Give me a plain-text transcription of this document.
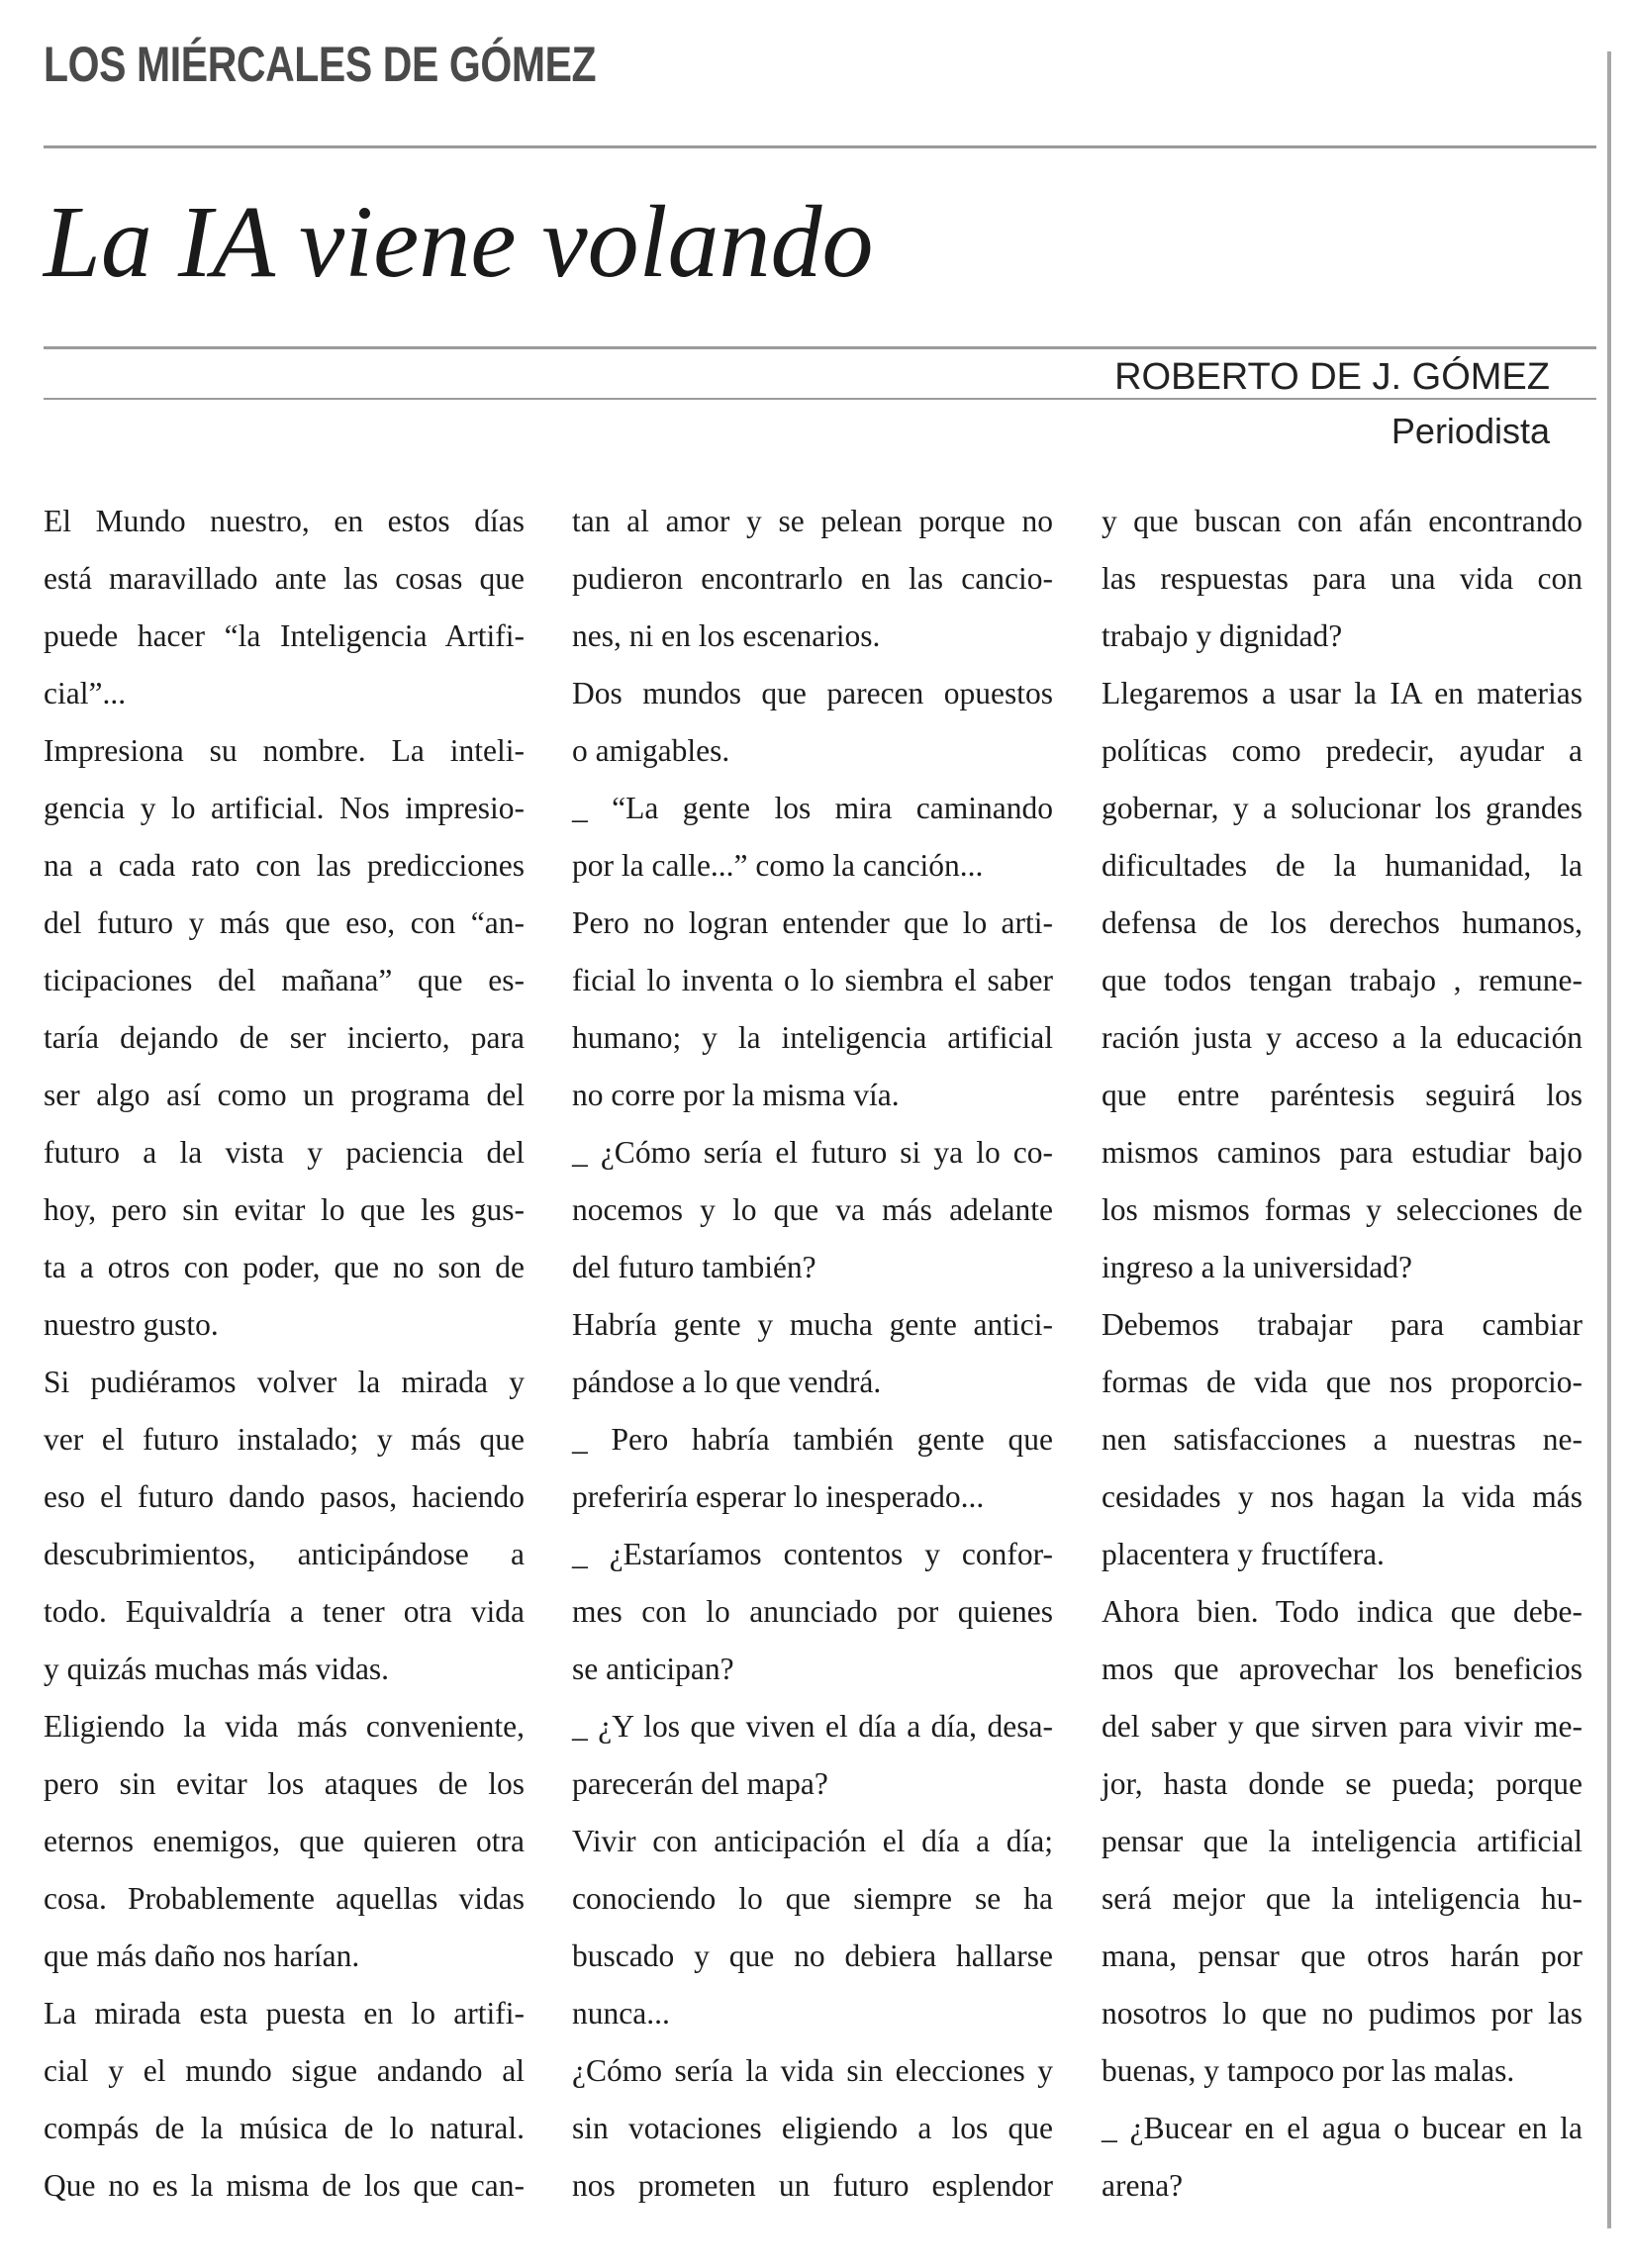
LOS MIÉRCALES DE GÓMEZ
La IA viene volando
ROBERTO DE J. GÓMEZ
Periodista
El Mundo nuestro, en estos días
está maravillado ante las cosas que
puede hacer “la Inteligencia Artifi-
cial”...
Impresiona su nombre. La inteli-
gencia y lo artificial. Nos impresio-
na a cada rato con las predicciones
del futuro y más que eso, con “an-
ticipaciones del mañana” que es-
taría dejando de ser incierto, para
ser algo así como un programa del
futuro a la vista y paciencia del
hoy, pero sin evitar lo que les gus-
ta a otros con poder, que no son de
nuestro gusto.
Si pudiéramos volver la mirada y
ver el futuro instalado; y más que
eso el futuro dando pasos, haciendo
descubrimientos, anticipándose a
todo. Equivaldría a tener otra vida
y quizás muchas más vidas.
Eligiendo la vida más conveniente,
pero sin evitar los ataques de los
eternos enemigos, que quieren otra
cosa. Probablemente aquellas vidas
que más daño nos harían.
La mirada esta puesta en lo artifi-
cial y el mundo sigue andando al
compás de la música de lo natural.
Que no es la misma de los que can-
tan al amor y se pelean porque no
pudieron encontrarlo en las cancio-
nes, ni en los escenarios.
Dos mundos que parecen opuestos
o amigables.
_ “La gente los mira caminando
por la calle...” como la canción...
Pero no logran entender que lo arti-
ficial lo inventa o lo siembra el saber
humano; y la inteligencia artificial
no corre por la misma vía.
_ ¿Cómo sería el futuro si ya lo co-
nocemos y lo que va más adelante
del futuro también?
Habría gente y mucha gente antici-
pándose a lo que vendrá.
_ Pero habría también gente que
preferiría esperar lo inesperado...
_ ¿Estaríamos contentos y confor-
mes con lo anunciado por quienes
se anticipan?
_ ¿Y los que viven el día a día, desa-
parecerán del mapa?
Vivir con anticipación el día a día;
conociendo lo que siempre se ha
buscado y que no debiera hallarse
nunca...
¿Cómo sería la vida sin elecciones y
sin votaciones eligiendo a los que
nos prometen un futuro esplendor
y que buscan con afán encontrando
las respuestas para una vida con
trabajo y dignidad?
Llegaremos a usar la IA en materias
políticas como predecir, ayudar a
gobernar, y a solucionar los grandes
dificultades de la humanidad, la
defensa de los derechos humanos,
que todos tengan trabajo , remune-
ración justa y acceso a la educación
que entre paréntesis seguirá los
mismos caminos para estudiar bajo
los mismos formas y selecciones de
ingreso a la universidad?
Debemos trabajar para cambiar
formas de vida que nos proporcio-
nen satisfacciones a nuestras ne-
cesidades y nos hagan la vida más
placentera y fructífera.
Ahora bien. Todo indica que debe-
mos que aprovechar los beneficios
del saber y que sirven para vivir me-
jor, hasta donde se pueda; porque
pensar que la inteligencia artificial
será mejor que la inteligencia hu-
mana, pensar que otros harán por
nosotros lo que no pudimos por las
buenas, y tampoco por las malas.
_ ¿Bucear en el agua o bucear en la
arena?
